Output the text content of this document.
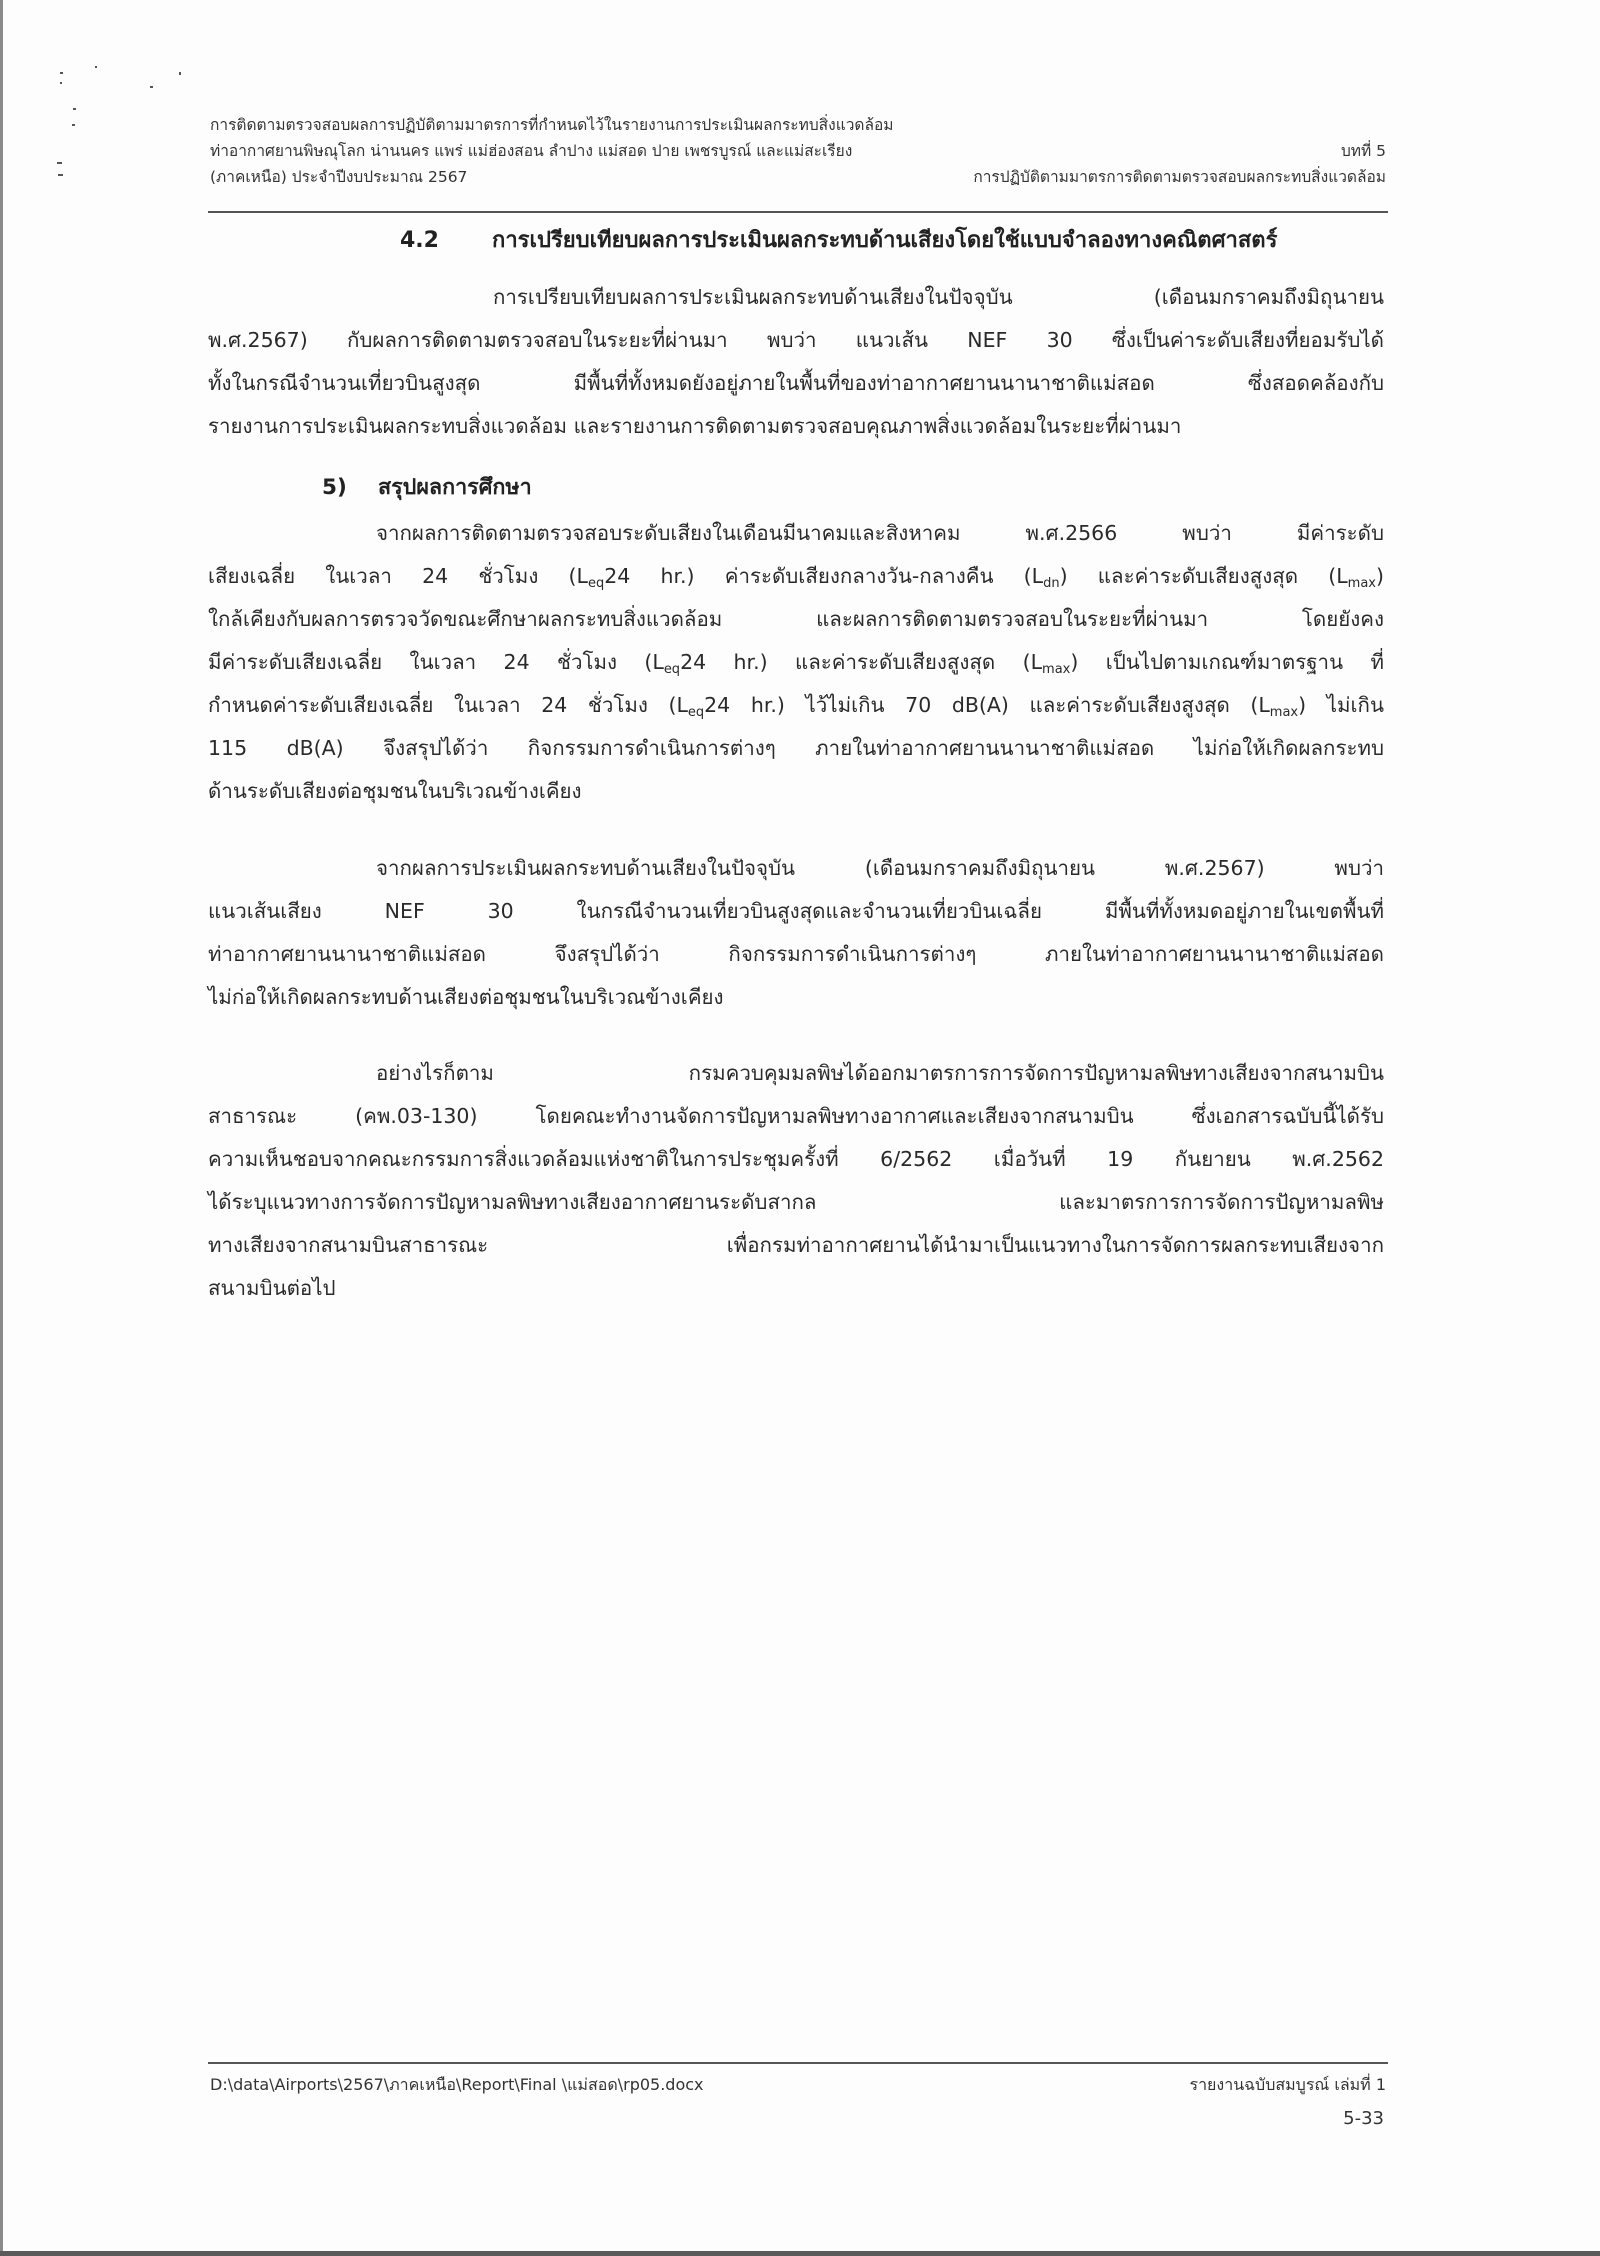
การติดตามตรวจสอบผลการปฏิบัติตามมาตรการที่กำหนดไว้ในรายงานการประเมินผลกระทบสิ่งแวดล้อม
ท่าอากาศยานพิษณุโลก น่านนคร แพร่ แม่ฮ่องสอน ลำปาง แม่สอด ปาย เพชรบูรณ์ และแม่สะเรียง	บทที่ 5
(ภาคเหนือ) ประจำปีงบประมาณ 2567	การปฏิบัติตามมาตรการติดตามตรวจสอบผลกระทบสิ่งแวดล้อม
4.2 การเปรียบเทียบผลการประเมินผลกระทบด้านเสียงโดยใช้แบบจำลองทางคณิตศาสตร์
การเปรียบเทียบผลการประเมินผลกระทบด้านเสียงในปัจจุบัน (เดือนมกราคมถึงมิถุนายน
พ.ศ.2567) กับผลการติดตามตรวจสอบในระยะที่ผ่านมา พบว่า แนวเส้น NEF 30 ซึ่งเป็นค่าระดับเสียงที่ยอมรับได้
ทั้งในกรณีจำนวนเที่ยวบินสูงสุด มีพื้นที่ทั้งหมดยังอยู่ภายในพื้นที่ของท่าอากาศยานนานาชาติแม่สอด ซึ่งสอดคล้องกับ
รายงานการประเมินผลกระทบสิ่งแวดล้อม และรายงานการติดตามตรวจสอบคุณภาพสิ่งแวดล้อมในระยะที่ผ่านมา
5) สรุปผลการศึกษา
จากผลการติดตามตรวจสอบระดับเสียงในเดือนมีนาคมและสิงหาคม พ.ศ.2566 พบว่า มีค่าระดับ
เสียงเฉลี่ย ในเวลา 24 ชั่วโมง ($L_{eq}24$ hr.) ค่าระดับเสียงกลางวัน-กลางคืน $(L_{dn})$ และค่าระดับเสียงสูงสุด $(L_{max})$
ใกล้เคียงกับผลการตรวจวัดขณะศึกษาผลกระทบสิ่งแวดล้อม และผลการติดตามตรวจสอบในระยะที่ผ่านมา โดยยังคง
มีค่าระดับเสียงเฉลี่ย ในเวลา 24 ชั่วโมง ($L_{eq}24$ hr.) และค่าระดับเสียงสูงสุด $(L_{max})$ เป็นไปตามเกณฑ์มาตรฐาน ที่
กำหนดค่าระดับเสียงเฉลี่ย ในเวลา 24 ชั่วโมง ($L_{eq}24$ hr.) ไว้ไม่เกิน 70 dB(A) และค่าระดับเสียงสูงสุด $(L_{max})$ ไม่เกิน
115 dB(A) จึงสรุปได้ว่า กิจกรรมการดำเนินการต่างๆ ภายในท่าอากาศยานนานาชาติแม่สอด ไม่ก่อให้เกิดผลกระทบ
ด้านระดับเสียงต่อชุมชนในบริเวณข้างเคียง
จากผลการประเมินผลกระทบด้านเสียงในปัจจุบัน (เดือนมกราคมถึงมิถุนายน พ.ศ.2567) พบว่า
แนวเส้นเสียง NEF 30 ในกรณีจำนวนเที่ยวบินสูงสุดและจำนวนเที่ยวบินเฉลี่ย มีพื้นที่ทั้งหมดอยู่ภายในเขตพื้นที่
ท่าอากาศยานนานาชาติแม่สอด จึงสรุปได้ว่า กิจกรรมการดำเนินการต่างๆ ภายในท่าอากาศยานนานาชาติแม่สอด
ไม่ก่อให้เกิดผลกระทบด้านเสียงต่อชุมชนในบริเวณข้างเคียง
อย่างไรก็ตาม กรมควบคุมมลพิษได้ออกมาตรการการจัดการปัญหามลพิษทางเสียงจากสนามบิน
สาธารณะ (คพ.03-130) โดยคณะทำงานจัดการปัญหามลพิษทางอากาศและเสียงจากสนามบิน ซึ่งเอกสารฉบับนี้ได้รับ
ความเห็นชอบจากคณะกรรมการสิ่งแวดล้อมแห่งชาติในการประชุมครั้งที่ 6/2562 เมื่อวันที่ 19 กันยายน พ.ศ.2562
ได้ระบุแนวทางการจัดการปัญหามลพิษทางเสียงอากาศยานระดับสากล และมาตรการการจัดการปัญหามลพิษ
ทางเสียงจากสนามบินสาธารณะ เพื่อกรมท่าอากาศยานได้นำมาเป็นแนวทางในการจัดการผลกระทบเสียงจาก
สนามบินต่อไป
D:\data\Airports\2567\ภาคเหนือ\Report\Final \แม่สอด\rp05.docx	รายงานฉบับสมบูรณ์ เล่มที่ 1
5-33
